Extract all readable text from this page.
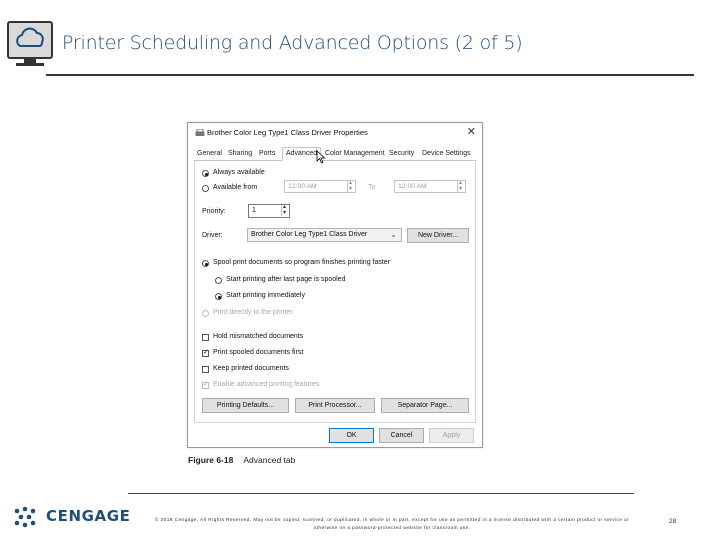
Printer Scheduling and Advanced Options (2 of 5)
Brother Color Leg Type1 Class Driver Properties	✕
General Sharing Ports	Advanced	Color Management Security Device Settings
Always available
Available from	12:00 AM ▴ ▾	To	12:00 AM
▴ ▾
Priority:	1
▴ ▾
Driver:	Brother Color Leg Type1 Class Driver	⌄	New Driver...
Spool print documents so program finishes printing faster
Start printing after last page is spooled
Start printing immediately
Print directly to the printer
Hold mismatched documents
✓
Print spooled documents first
Keep printed documents
✓
Enable advanced printing features
Printing Defaults...	Print Processor...	Separator Page...
OK	Cancel	Apply
Figure 6-18 Advanced tab
CENGAGE	© 2018 Cengage. All Rights Reserved. May not be copied, scanned, or duplicated, in whole or in part, except for use as permitted in a license distributed with a certain product or service or otherwise on a password-protected website for classroom use.
28
